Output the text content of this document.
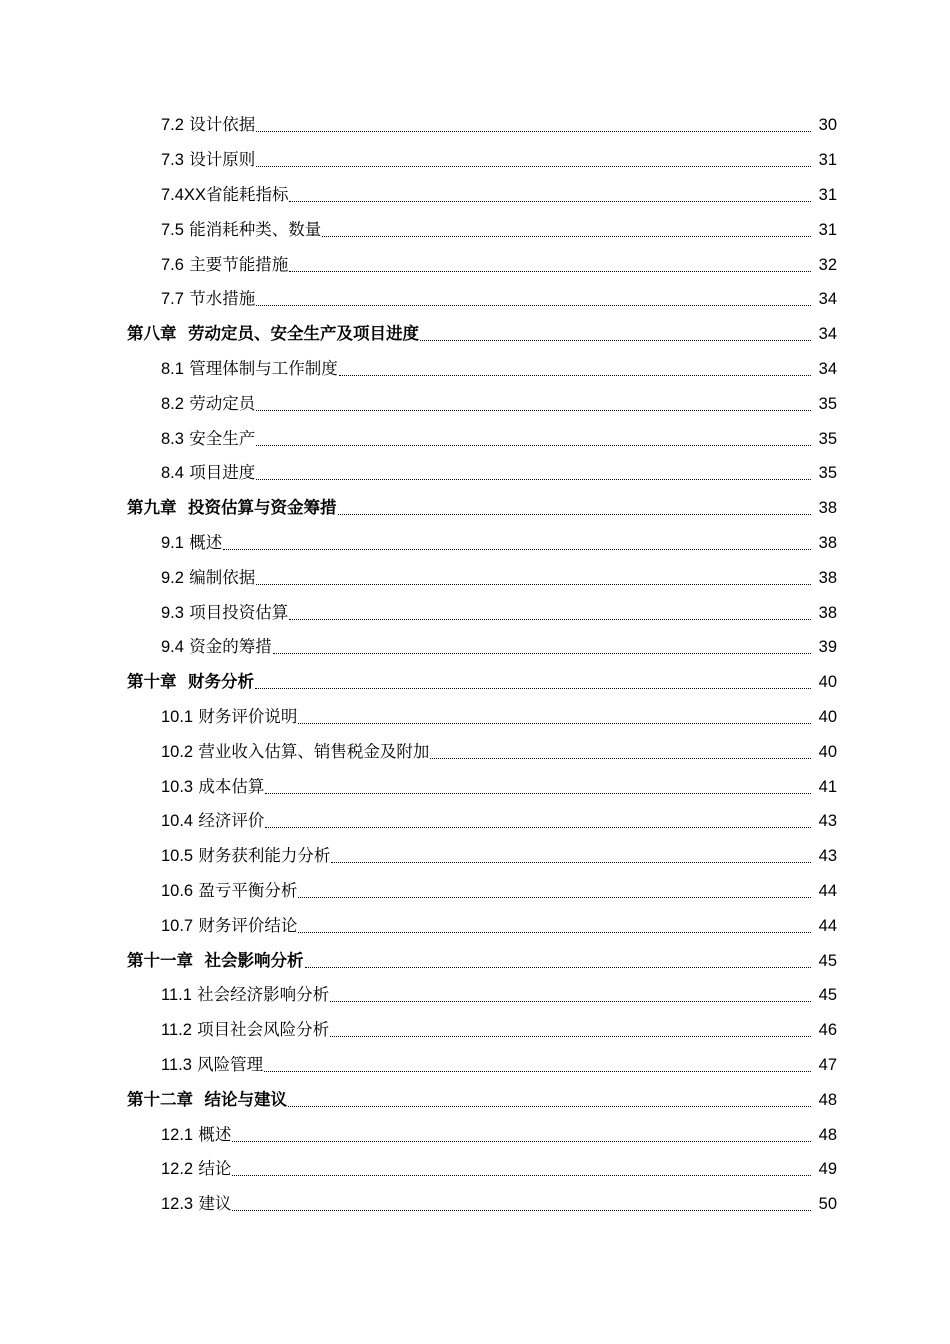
7.2 设计依据	30
7.3 设计原则	31
7.4XX省能耗指标	31
7.5 能消耗种类、数量	31
7.6 主要节能措施	32
7.7 节水措施	34
第八章 劳动定员、安全生产及项目进度	34
8.1 管理体制与工作制度	34
8.2 劳动定员	35
8.3 安全生产	35
8.4 项目进度	35
第九章 投资估算与资金筹措	38
9.1 概述	38
9.2 编制依据	38
9.3 项目投资估算	38
9.4 资金的筹措	39
第十章 财务分析	40
10.1 财务评价说明	40
10.2 营业收入估算、销售税金及附加	40
10.3 成本估算	41
10.4 经济评价	43
10.5 财务获利能力分析	43
10.6 盈亏平衡分析	44
10.7 财务评价结论	44
第十一章 社会影响分析	45
11.1 社会经济影响分析	45
11.2 项目社会风险分析	46
11.3 风险管理	47
第十二章 结论与建议	48
12.1 概述	48
12.2 结论	49
12.3 建议	50
